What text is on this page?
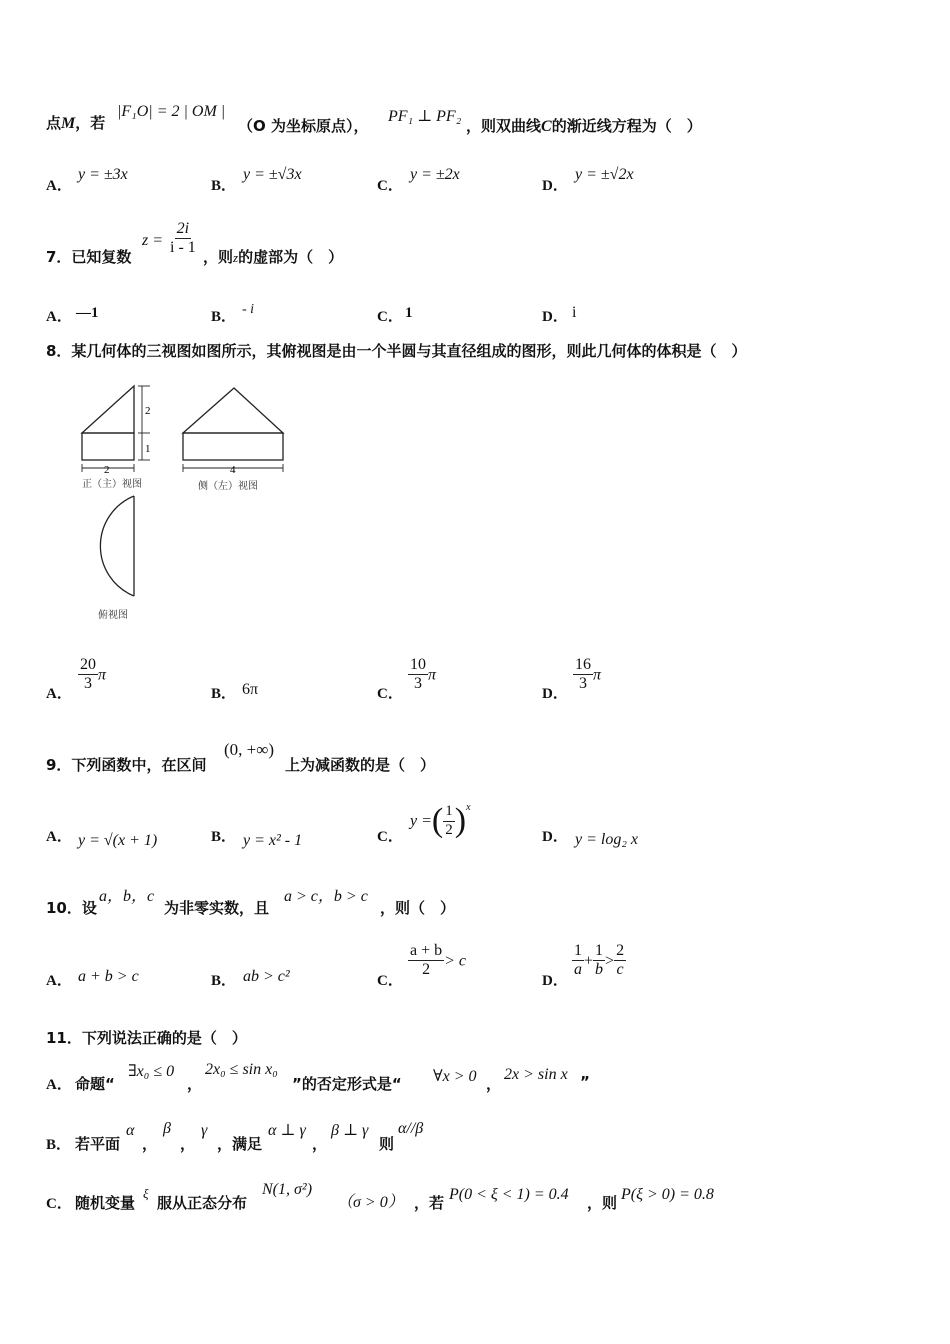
点M，若
|F₁O| = 2 | OM |
（O 为坐标原点），
PF₁ ⊥ PF₂
，则双曲线C的渐近线方程为（　）
A．
y = ±3x
B．
y = ±√3x
C．
y = ±2x
D．
y = ±√2x
7．已知复数
$z = \frac{2i}{i - 1}$ ，则z的虚部为（　）
A． —1	B． - i	C． 1	D． i
8．某几何体的三视图如图所示，其俯视图是由一个半圆与其直径组成的图形，则此几何体的体积是（　）
2
1
2
正（主）视图
4
侧（左）视图
俯视图
A．
$\frac{20}{3}$ π
B． 6π	C．
$\frac{10}{3}$ π
D．
$\frac{16}{3}$ π
9．下列函数中，在区间
(0, +∞)
上为减函数的是（　）
A． y = √(x + 1)	B． y = x² - 1	C．
y =( $\frac{1}{2} )^x$
D． y = log₂ x
10．设
a，b，c
为非零实数，且
a > c，b > c
，则（　）
A． a + b > c	B． ab > c²	C．
$\frac{a + b}{2} > c$
D．
$\frac{1}{a} + \frac{1}{b} > \frac{2}{c}$
11．下列说法正确的是（　）
A． 命题“
∃x₀ ≤ 0
，
2x₀ ≤ sin x₀
”的否定形式是“ ∀x > 0 ，
2x > sin x ”
B． 若平面
α
，
β
，
γ
，满足
α ⊥ γ
，
β ⊥ γ
则
α//β
C． 随机变量
ξ
服从正态分布
N(1, σ²)
（σ > 0） ，若 P(0 < ξ < 1) = 0.4 ，则 P(ξ > 0) = 0.8
